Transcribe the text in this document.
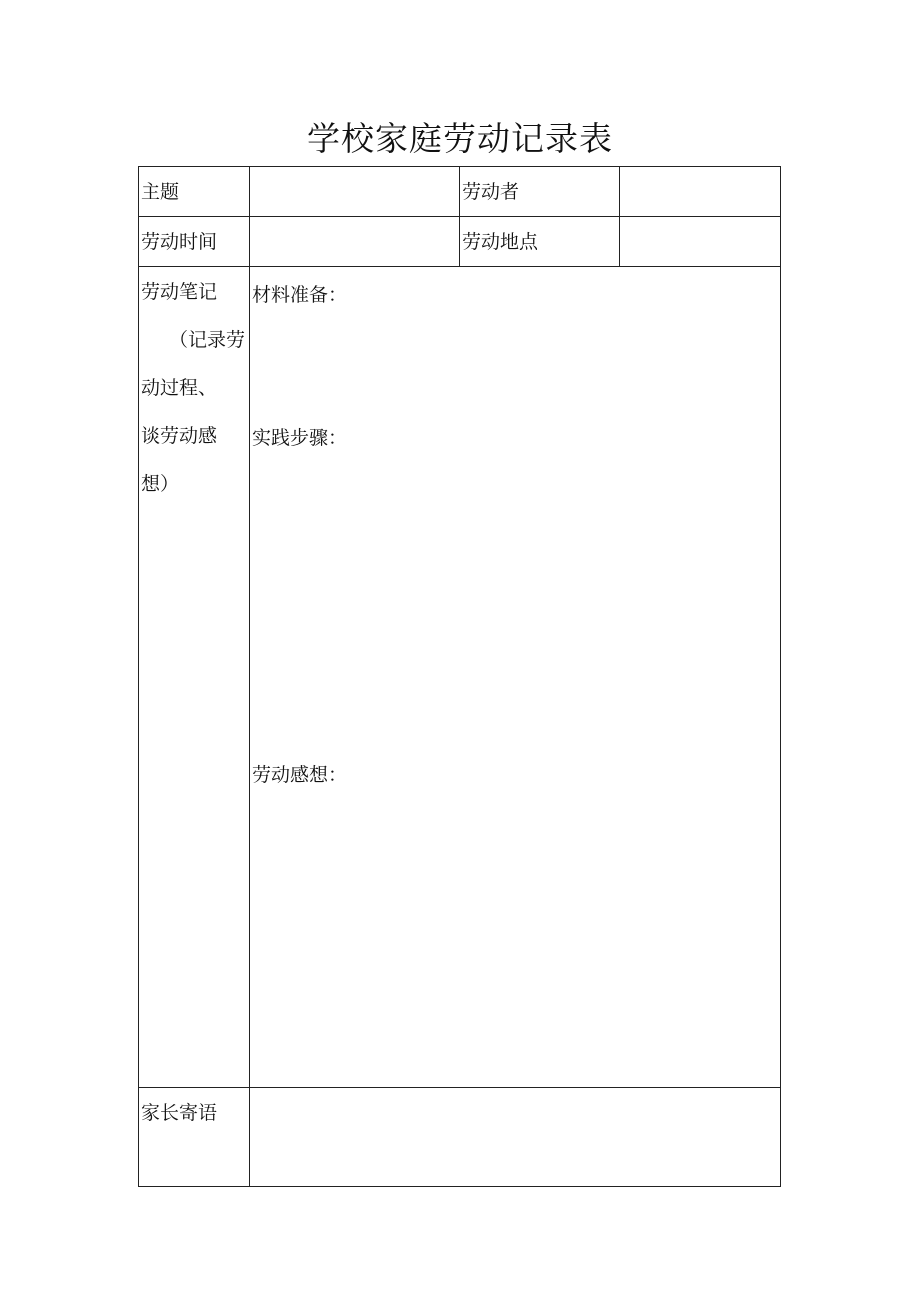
学校家庭劳动记录表
主题		劳动者	

劳动时间		劳动地点	

劳动笔记
（记录劳
动过程、
谈劳动感
想）	材料准备：
实践步骤：
劳动感想：		

家长寄语			
